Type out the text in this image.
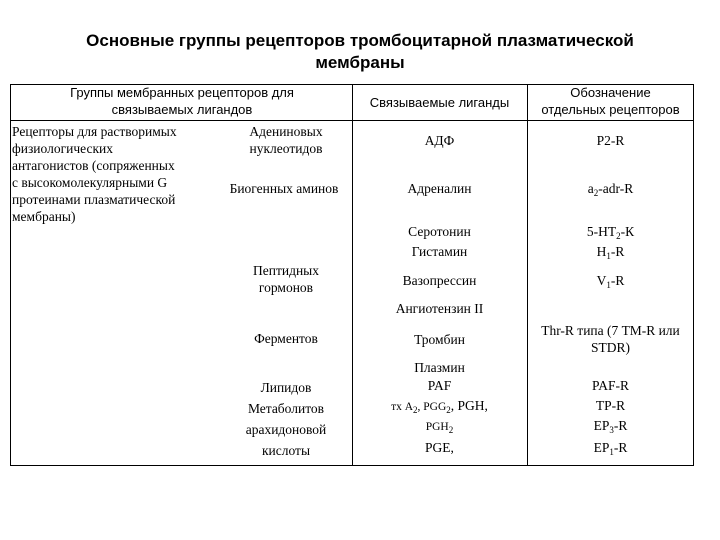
Основные группы рецепторов тромбоцитарной плазматической
мембраны
Группы мембранных рецепторов для
связываемых лигандов	Связываемые лиганды
Обозначение
отдельных рецепторов
Рецепторы для растворимых
физиологических
антагонистов (сопряженных
с высокомолекулярными G
протеинами плазматической
мембраны)
Адениновых
нуклеотидов
Биогенных аминов
Пептидных
гормонов
Ферментов
Липидов
Метаболитов
арахидоновой
кислоты
АДФ
Адреналин
Серотонин
Гистамин
Вазопрессин
Ангиотензин II
Тромбин
Плазмин
PAF
тх $А_2$, $PGG_2$, PGH,
$PGH_2$
PGE,
P2-R
$a_2-adr-R$
$5-НТ_2-К$
$Н_1-R$
$V_1-R$
Thr-R типа (7 ТМ-R или
STDR)
PAF-R
TP-R
$ЕР_3-R$
$ЕР_1-R$
